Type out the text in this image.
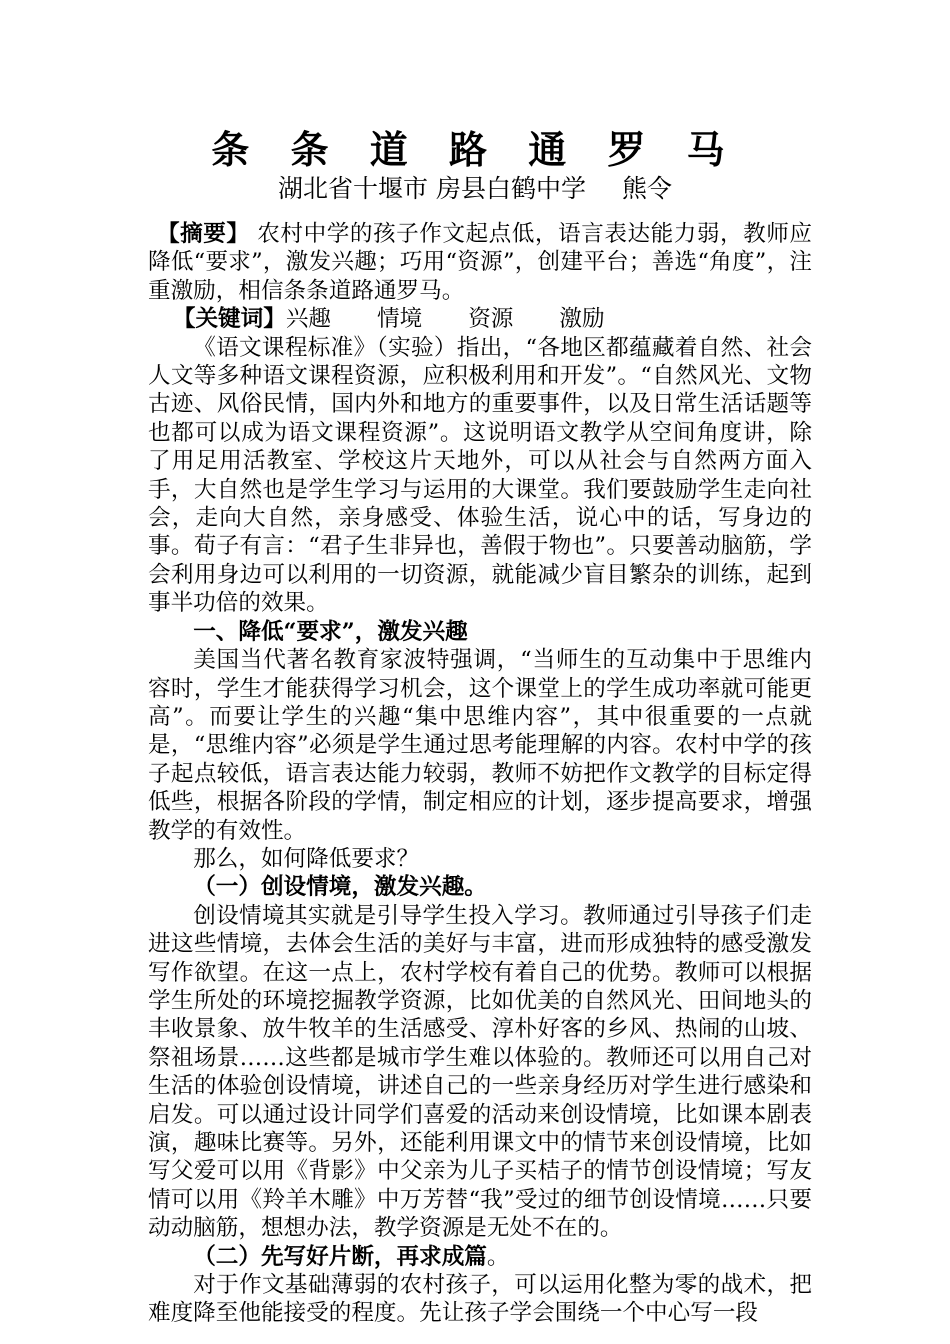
条 条 道 路 通 罗 马
湖北省十堰市 房县白鹤中学 熊令

【摘要】 农村中学的孩子作文起点低，语言表达能力弱，教师应降低“要求”，激发兴趣；巧用“资源”，创建平台；善选“角度”，注重激励，相信条条道路通罗马。

【关键词】兴趣 情境 资源 激励

《语文课程标准》（实验）指出，“各地区都蕴藏着自然、社会人文等多种语文课程资源，应积极利用和开发”。“自然风光、文物古迹、风俗民情，国内外和地方的重要事件，以及日常生活话题等也都可以成为语文课程资源”。这说明语文教学从空间角度讲，除了用足用活教室、学校这片天地外，可以从社会与自然两方面入手，大自然也是学生学习与运用的大课堂。我们要鼓励学生走向社会，走向大自然，亲身感受、体验生活，说心中的话，写身边的事。荀子有言：“君子生非异也，善假于物也”。只要善动脑筋，学会利用身边可以利用的一切资源，就能减少盲目繁杂的训练，起到事半功倍的效果。

一、降低“要求”，激发兴趣

美国当代著名教育家波特强调，“当师生的互动集中于思维内容时，学生才能获得学习机会，这个课堂上的学生成功率就可能更高”。而要让学生的兴趣“集中思维内容”，其中很重要的一点就是，“思维内容”必须是学生通过思考能理解的内容。农村中学的孩子起点较低，语言表达能力较弱，教师不妨把作文教学的目标定得低些，根据各阶段的学情，制定相应的计划，逐步提高要求，增强教学的有效性。

那么，如何降低要求？

（一）创设情境，激发兴趣。

创设情境其实就是引导学生投入学习。教师通过引导孩子们走进这些情境，去体会生活的美好与丰富，进而形成独特的感受激发写作欲望。在这一点上，农村学校有着自己的优势。教师可以根据学生所处的环境挖掘教学资源，比如优美的自然风光、田间地头的丰收景象、放牛牧羊的生活感受、淳朴好客的乡风、热闹的山坡、祭祖场景……这些都是城市学生难以体验的。教师还可以用自己对生活的体验创设情境，讲述自己的一些亲身经历对学生进行感染和启发。可以通过设计同学们喜爱的活动来创设情境，比如课本剧表演，趣味比赛等。另外，还能利用课文中的情节来创设情境，比如写父爱可以用《背影》中父亲为儿子买桔子的情节创设情境；写友情可以用《羚羊木雕》中万芳替“我”受过的细节创设情境……只要动动脑筋，想想办法，教学资源是无处不在的。

（二）先写好片断，再求成篇。

对于作文基础薄弱的农村孩子，可以运用化整为零的战术，把难度降至他能接受的程度。先让孩子学会围绕一个中心写一段
